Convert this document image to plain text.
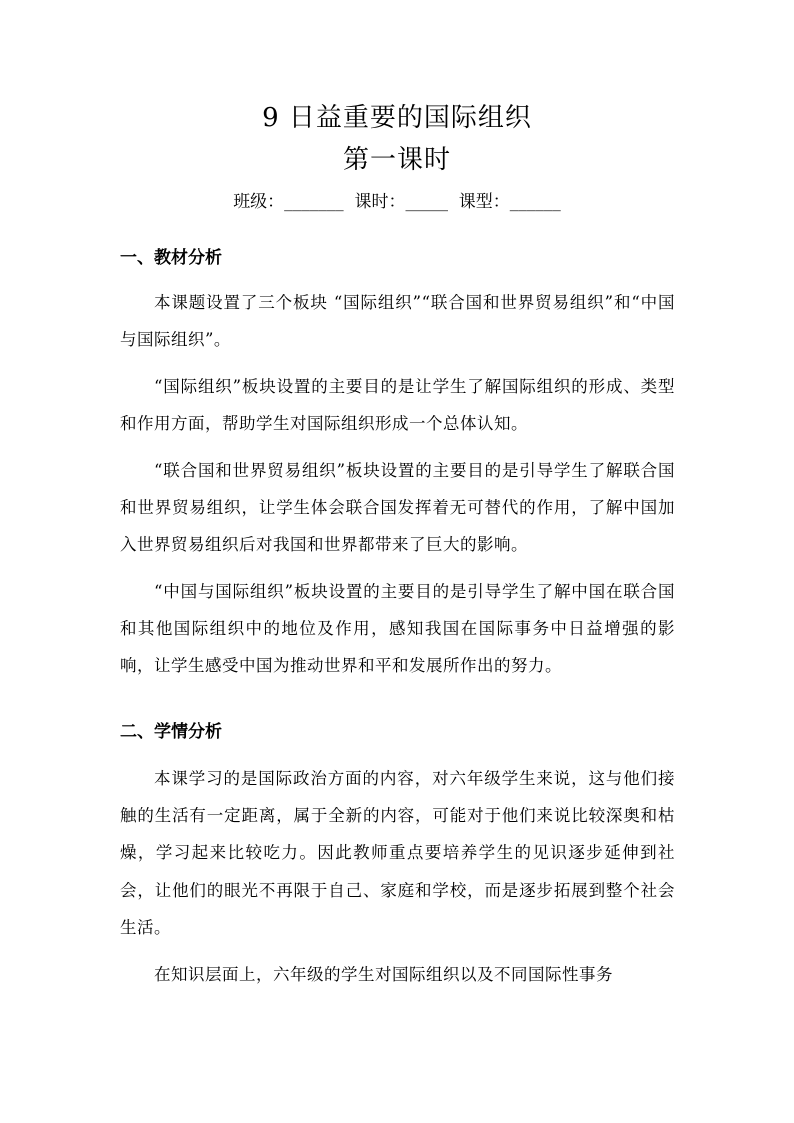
9 日益重要的国际组织
第一课时
班级：_______  课时：_____  课型：______
一、教材分析
本课题设置了三个板块 “国际组织”“联合国和世界贸易组织”和“中国与国际组织”。
“国际组织”板块设置的主要目的是让学生了解国际组织的形成、类型和作用方面，帮助学生对国际组织形成一个总体认知。
“联合国和世界贸易组织”板块设置的主要目的是引导学生了解联合国和世界贸易组织，让学生体会联合国发挥着无可替代的作用，了解中国加入世界贸易组织后对我国和世界都带来了巨大的影响。
“中国与国际组织”板块设置的主要目的是引导学生了解中国在联合国和其他国际组织中的地位及作用，感知我国在国际事务中日益增强的影响，让学生感受中国为推动世界和平和发展所作出的努力。
二、学情分析
本课学习的是国际政治方面的内容，对六年级学生来说，这与他们接触的生活有一定距离，属于全新的内容，可能对于他们来说比较深奥和枯燥，学习起来比较吃力。因此教师重点要培养学生的见识逐步延伸到社会，让他们的眼光不再限于自己、家庭和学校，而是逐步拓展到整个社会生活。
在知识层面上，六年级的学生对国际组织以及不同国际性事务
